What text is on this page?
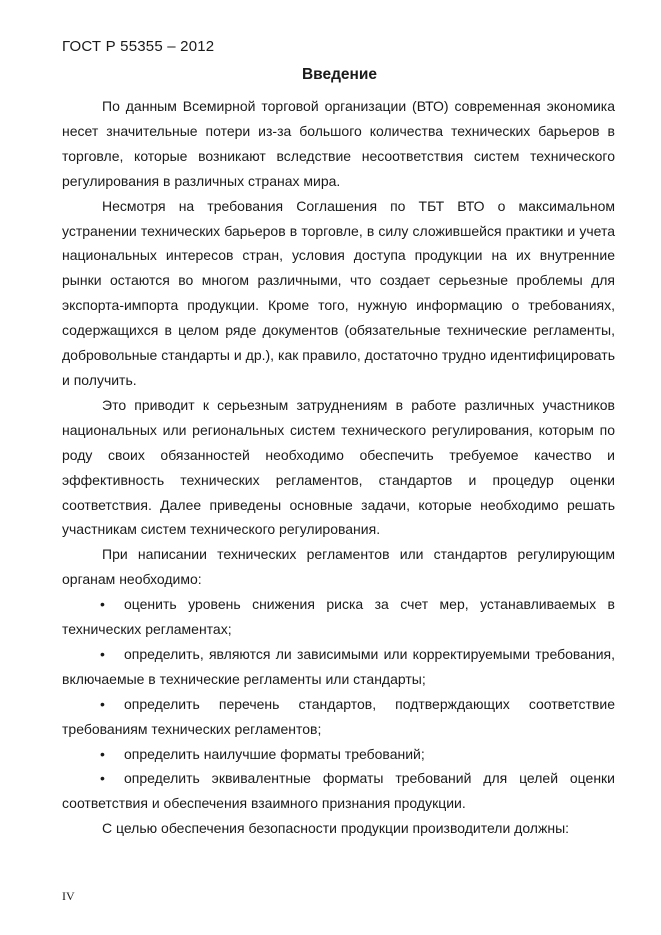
ГОСТ Р 55355 – 2012
Введение

По данным Всемирной торговой организации (ВТО) современная экономика несет значительные потери из-за большого количества технических барьеров в торговле, которые возникают вследствие несоответствия систем технического регулирования в различных странах мира.

Несмотря на требования Соглашения по ТБТ ВТО о максимальном устранении технических барьеров в торговле, в силу сложившейся практики и учета национальных интересов стран, условия доступа продукции на их внутренние рынки остаются во многом различными, что создает серьезные проблемы для экспорта-импорта продукции. Кроме того, нужную информацию о требованиях, содержащихся в целом ряде документов (обязательные технические регламенты, добровольные стандарты и др.), как правило, достаточно трудно идентифицировать и получить.

Это приводит к серьезным затруднениям в работе различных участников национальных или региональных систем технического регулирования, которым по роду своих обязанностей необходимо обеспечить требуемое качество и эффективность технических регламентов, стандартов и процедур оценки соответствия. Далее приведены основные задачи, которые необходимо решать участникам систем технического регулирования.

При написании технических регламентов или стандартов регулирующим органам необходимо:

• оценить уровень снижения риска за счет мер, устанавливаемых в технических регламентах;
• определить, являются ли зависимыми или корректируемыми требования, включаемые в технические регламенты или стандарты;
• определить перечень стандартов, подтверждающих соответствие требованиям технических регламентов;
• определить наилучшие форматы требований;
• определить эквивалентные форматы требований для целей оценки соответствия и обеспечения взаимного признания продукции.

С целью обеспечения безопасности продукции производители должны:

IV
